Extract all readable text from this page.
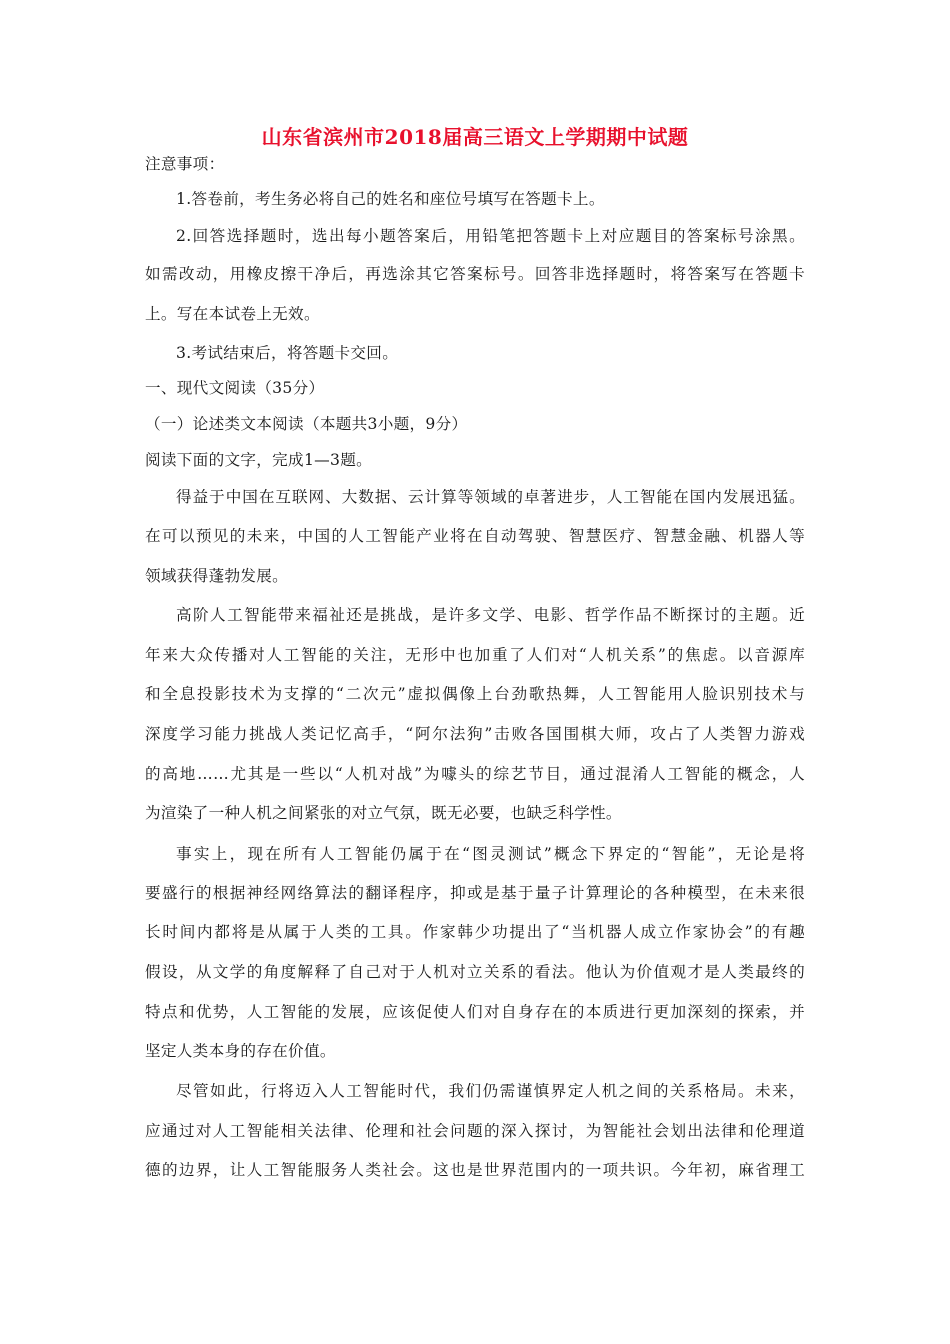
山东省滨州市2018届高三语文上学期期中试题
注意事项：
1.答卷前，考生务必将自己的姓名和座位号填写在答题卡上。
2.回答选择题时，选出每小题答案后，用铅笔把答题卡上对应题目的答案标号涂黑。
如需改动，用橡皮擦干净后，再选涂其它答案标号。回答非选择题时，将答案写在答题卡
上。写在本试卷上无效。
3.考试结束后，将答题卡交回。
一、现代文阅读（35分）
（一）论述类文本阅读（本题共3小题，9分）
阅读下面的文字，完成1—3题。
得益于中国在互联网、大数据、云计算等领域的卓著进步，人工智能在国内发展迅猛。
在可以预见的未来，中国的人工智能产业将在自动驾驶、智慧医疗、智慧金融、机器人等
领域获得蓬勃发展。
高阶人工智能带来福祉还是挑战，是许多文学、电影、哲学作品不断探讨的主题。近
年来大众传播对人工智能的关注，无形中也加重了人们对“人机关系”的焦虑。以音源库
和全息投影技术为支撑的“二次元”虚拟偶像上台劲歌热舞，人工智能用人脸识别技术与
深度学习能力挑战人类记忆高手，“阿尔法狗”击败各国围棋大师，攻占了人类智力游戏
的高地……尤其是一些以“人机对战”为噱头的综艺节目，通过混淆人工智能的概念，人
为渲染了一种人机之间紧张的对立气氛，既无必要，也缺乏科学性。
事实上，现在所有人工智能仍属于在“图灵测试”概念下界定的“智能”，无论是将
要盛行的根据神经网络算法的翻译程序，抑或是基于量子计算理论的各种模型，在未来很
长时间内都将是从属于人类的工具。作家韩少功提出了“当机器人成立作家协会”的有趣
假设，从文学的角度解释了自己对于人机对立关系的看法。他认为价值观才是人类最终的
特点和优势，人工智能的发展，应该促使人们对自身存在的本质进行更加深刻的探索，并
坚定人类本身的存在价值。
尽管如此，行将迈入人工智能时代，我们仍需谨慎界定人机之间的关系格局。未来，
应通过对人工智能相关法律、伦理和社会问题的深入探讨，为智能社会划出法律和伦理道
德的边界，让人工智能服务人类社会。这也是世界范围内的一项共识。今年初，麻省理工
